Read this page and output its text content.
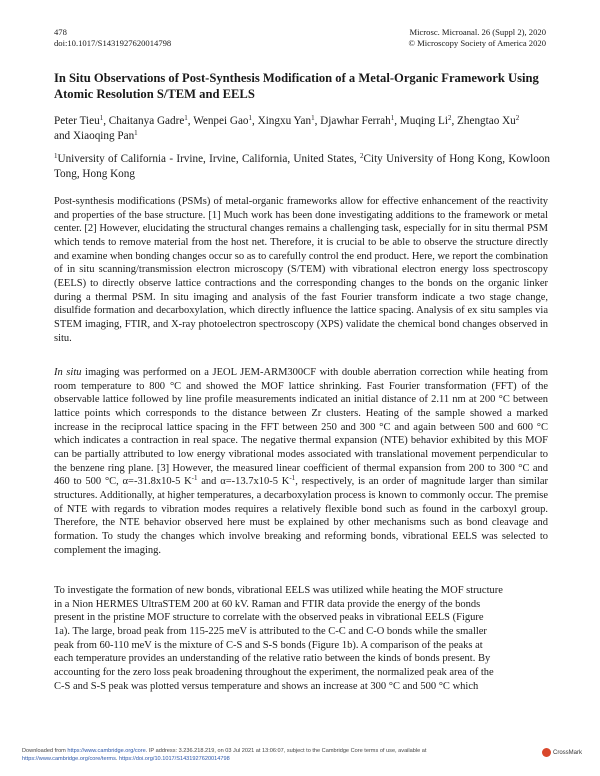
478
doi:10.1017/S1431927620014798
Microsc. Microanal. 26 (Suppl 2), 2020
© Microscopy Society of America 2020
In Situ Observations of Post-Synthesis Modification of a Metal-Organic Framework Using Atomic Resolution S/TEM and EELS
Peter Tieu$^1$, Chaitanya Gadre$^1$, Wenpei Gao$^1$, Xingxu Yan$^1$, Djawhar Ferrah$^1$, Muqing Li$^2$, Zhengtao Xu$^2$
and Xiaoqing Pan$^1$
$^1$University of California - Irvine, Irvine, California, United States, $^2$City University of Hong Kong, Kowloon Tong, Hong Kong
Post-synthesis modifications (PSMs) of metal-organic frameworks allow for effective enhancement of the reactivity and properties of the base structure. [1] Much work has been done investigating additions to the framework or metal center. [2] However, elucidating the structural changes remains a challenging task, especially for in situ thermal PSM which tends to remove material from the host net. Therefore, it is crucial to be able to observe the structure directly and examine when bonding changes occur so as to carefully control the end product. Here, we report the combination of in situ scanning/transmission electron microscopy (S/TEM) with vibrational electron energy loss spectroscopy (EELS) to directly observe lattice contractions and the corresponding changes to the bonds on the organic linker during a thermal PSM. In situ imaging and analysis of the fast Fourier transform indicate a two stage change, disulfide formation and decarboxylation, which directly influence the lattice spacing. Analysis of ex situ samples via STEM imaging, FTIR, and X-ray photoelectron spectroscopy (XPS) validate the chemical bond changes observed in situ.
In situ imaging was performed on a JEOL JEM-ARM300CF with double aberration correction while heating from room temperature to 800 °C and showed the MOF lattice shrinking. Fast Fourier transformation (FFT) of the observable lattice followed by line profile measurements indicated an initial distance of 2.11 nm at 200 °C between lattice points which corresponds to the distance between Zr clusters. Heating of the sample showed a marked increase in the reciprocal lattice spacing in the FFT between 250 and 300 °C and again between 500 and 600 °C which indicates a contraction in real space. The negative thermal expansion (NTE) behavior exhibited by this MOF can be partially attributed to low energy vibrational modes associated with translational movement perpendicular to the benzene ring plane. [3] However, the measured linear coefficient of thermal expansion from 200 to 300 °C and 460 to 500 °C, α=-31.8x10-5 $K^{-1}$ and α=-13.7x10-5 $K^{-1}$, respectively, is an order of magnitude larger than similar structures. Additionally, at higher temperatures, a decarboxylation process is known to commonly occur. The premise of NTE with regards to vibration modes requires a relatively flexible bond such as found in the carboxyl group. Therefore, the NTE behavior observed here must be explained by other mechanisms such as bond cleavage and formation. To study the changes which involve breaking and reforming bonds, vibrational EELS was selected to complement the imaging.
To investigate the formation of new bonds, vibrational EELS was utilized while heating the MOF structure
in a Nion HERMES UltraSTEM 200 at 60 kV. Raman and FTIR data provide the energy of the bonds
present in the pristine MOF structure to correlate with the observed peaks in vibrational EELS (Figure
1a). The large, broad peak from 115-225 meV is attributed to the C-C and C-O bonds while the smaller
peak from 60-110 meV is the mixture of C-S and S-S bonds (Figure 1b). A comparison of the peaks at
each temperature provides an understanding of the relative ratio between the kinds of bonds present. By
accounting for the zero loss peak broadening throughout the experiment, the normalized peak area of the
C-S and S-S peak was plotted versus temperature and shows an increase at 300 °C and 500 °C which
Downloaded from https://www.cambridge.org/core. IP address: 3.236.218.219, on 03 Jul 2021 at 13:06:07, subject to the Cambridge Core terms of use, available at
https://www.cambridge.org/core/terms. https://doi.org/10.1017/S1431927620014798
CrossMark
